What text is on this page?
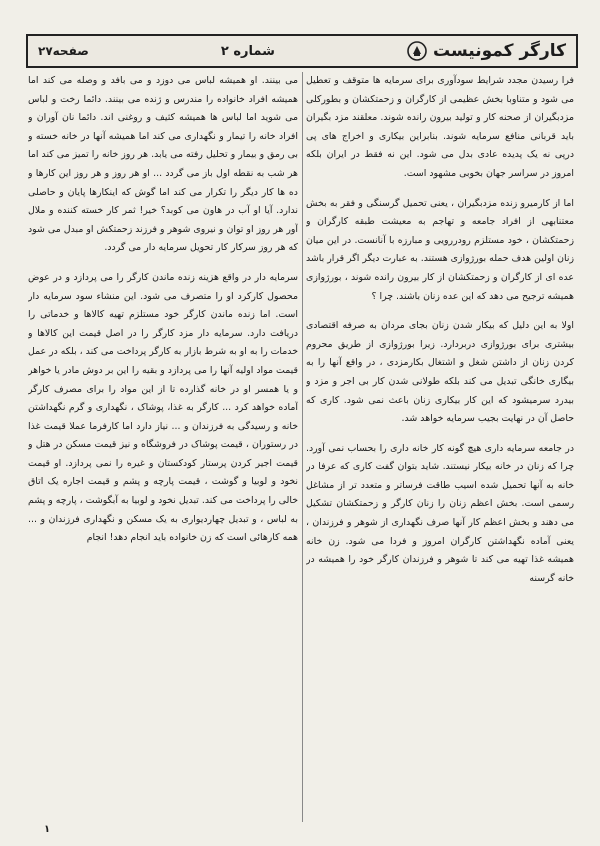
صفحه۲۷	شماره ۲	کارگر کمونیست

فرا رسیدن مجدد شرایط سودآوری برای سرمایه ها متوقف و تعطیل می شود و متناوبا بخش عظیمی از کارگران و زحمتکشان و بطورکلی مزدبگیران از صحنه کار و تولید بیرون رانده شوند. معلقند مزد بگیران باید قربانی منافع سرمایه شوند. بنابراین بیکاری و اخراج های پی درپی نه یک پدیده عادی بدل می شود. این نه فقط در ایران بلکه امروز در سراسر جهان بخوبی مشهود است.

اما از کارمیرو زنده مزدبگیران ، یعنی تحمیل گرسنگی و فقر به بخش معتنابهی از افراد جامعه و تهاجم به معیشت طبقه کارگران و زحمتکشان ، خود مستلزم رودررویی و مبارزه با آنانست. در این میان زنان اولین هدف حمله بورژوازی هستند. به عبارت دیگر اگر قرار باشد عده ای از کارگران و زحمتکشان از کار بیرون رانده شوند ، بورژوازی همیشه ترجیح می دهد که این عده زنان باشند. چرا ؟

اولا به این دلیل که بیکار شدن زنان بجای مردان به صرفه اقتصادی بیشتری برای بورژوازی دربردارد. زیرا بورژوازی از طریق محروم کردن زنان از داشتن شغل و اشتغال بکارمزدی ، در واقع آنها را به بیگاری خانگی تبدیل می کند بلکه طولانی شدن کار بی اجر و مزد و بیدرد سرمیشود که این کار بیکاری زنان باعث نمی شود. کاری که حاصل آن در نهایت بجیب سرمایه خواهد شد.

در جامعه سرمایه داری هیچ گونه کار خانه داری را بحساب نمی آورد. چرا که زنان در خانه بیکار نیستند. شاید بتوان گفت کاری که عرفا در خانه به آنها تحمیل شده اسیب طاقت فرساتر و متعدد تر از مشاغل رسمی است. بخش اعظم زنان را زنان کارگر و زحمتکشان تشکیل می دهند و بخش اعظم کار آنها صرف نگهداری از شوهر و فرزندان ، یعنی آماده نگهداشتن کارگران امروز و فردا می شود. زن خانه همیشه غذا تهیه می کند تا شوهر و فرزندان کارگر خود را همیشه در خانه گرسنه

می بینند. او همیشه لباس می دوزد و می بافد و وصله می کند اما همیشه افراد خانواده را مندرس و ژنده می بینند. دائما رخت و لباس می شوید اما لباس ها همیشه کثیف و روغنی اند. دائما نان آوران و افراد خانه را تیمار و نگهداری می کند اما همیشه آنها در خانه خسته و بی رمق و بیمار و تحلیل رفته می یابد. هر روز خانه را تمیز می کند اما هر شب به نقطه اول باز می گردد ... او هر روز و هر روز این کارها و ده ها کار دیگر را تکرار می کند اما گوش که اینکارها پایان و حاصلی ندارد. آیا او آب در هاون می کوبد؟ خیر! ثمر کار خسته کننده و ملال آور هر روز او توان و نیروی شوهر و فرزند زحمتکش او مبدل می شود که هر روز سرکار کار تحویل سرمایه دار می گردد.

سرمایه دار در واقع هزینه زنده ماندن کارگر را می پردازد و در عوض محصول کارکرد او را متصرف می شود. این منشاء سود سرمایه دار است. اما زنده ماندن کارگر خود مستلزم تهیه کالاها و خدماتی را دریافت دارد. سرمایه دار مزد کارگر را در اصل قیمت این کالاها و خدمات را به او به شرط بازار به کارگر پرداخت می کند ، بلکه در عمل قیمت مواد اولیه آنها را می پردازد و بقیه را این بر دوش مادر یا خواهر و یا همسر او در خانه گذارده تا از این مواد را برای مصرف کارگر آماده خواهد کرد ... کارگر به غذا، پوشاک ، نگهداری و گرم نگهداشتن خانه و رسیدگی به فرزندان و ... نیاز دارد اما کارفرما عملا قیمت غذا در رستوران ، قیمت پوشاک در فروشگاه و نیز قیمت مسکن در هتل و قیمت اجیر کردن پرستار کودکستان و غیره را نمی پردازد. او قیمت نخود و لوبیا و گوشت ، قیمت پارچه و پشم و قیمت اجاره یک اتاق خالی را پرداخت می کند. تبدیل نخود و لوبیا به آبگوشت ، پارچه و پشم به لباس ، و تبدیل چهاردیواری به یک مسکن و نگهداری فرزندان و ... همه کارهائی است که زن خانواده باید انجام دهد! انجام

۱
